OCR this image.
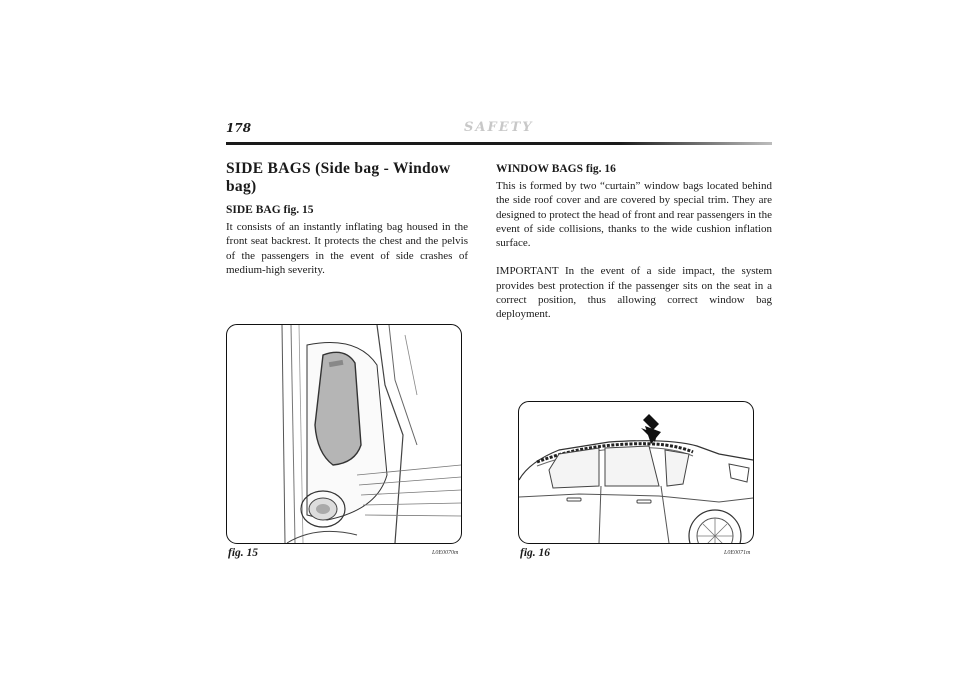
178	SAFETY
SIDE BAGS (Side bag - Window bag)
SIDE BAG fig. 15

It consists of an instantly inflating bag housed in the front seat backrest. It protects the chest and the pelvis of the passengers in the event of side crashes of medium-high severity.

WINDOW BAGS fig. 16

This is formed by two “curtain” window bags located behind the side roof cover and are covered by special trim. They are designed to protect the head of front and rear passengers in the event of side collisions, thanks to the wide cushion inflation surface.

IMPORTANT In the event of a side impact, the system provides best protection if the passenger sits on the seat in a correct position, thus allowing correct window bag deployment.

fig. 15	L0E0070m	fig. 16	L0E0071m
